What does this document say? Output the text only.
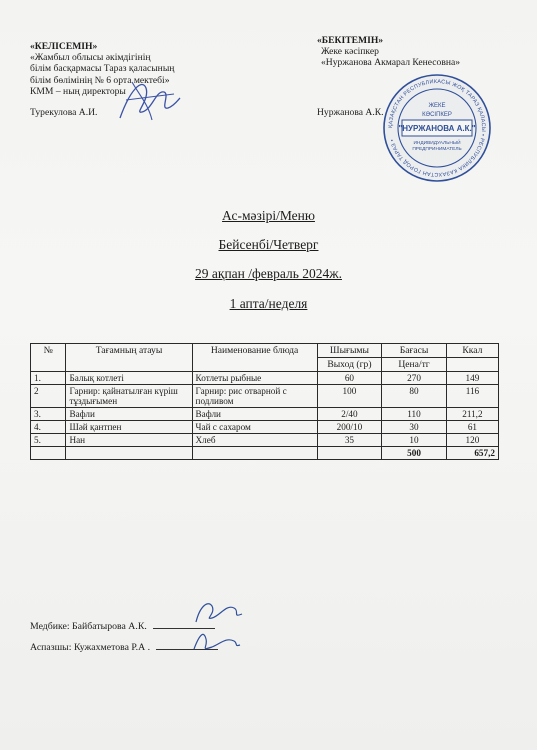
«КЕЛІСЕМІН»
«Жамбыл облысы әкімдігінің
білім басқармасы Тараз қаласының
білім бөлімінің № 6 орта мектебі»
КММ – ның директоры
Турекулова А.И.
«БЕКІТЕМІН»
Жеке кәсіпкер
«Нуржанова Акмарал Кенесовна»
Нуржанова А.К.
ҚАЗАҚСТАН РЕСПУБЛИКАСЫ ЖОҚ ТАРАЗ ҚАЛАСЫ • РЕСПУБЛИКА КАЗАХСТАН ГОРОД ТАРАЗ •
ЖЕКЕ
КӘСІПКЕР
"НУРЖАНОВА А.К."
ИНДИВИДУАЛЬНЫЙ
ПРЕДПРИНИМАТЕЛЬ
Ас-мәзірі/Меню
Бейсенбі/Четверг
29 ақпан /февраль 2024ж.
1 апта/неделя
№	Тағамның атауы	Наименование блюда	Шығымы	Бағасы	Ккал
			Выход (гр)	Цена/тг	
1.	Балық котлеті	Котлеты рыбные	60	270	149
2	Гарнир: қайнатылған күріш тұздығымен	Гарнир: рис отварной с подливом	100	80	116
3.	Вафли	Вафли	2/40	110	211,2
4.	Шәй қантпен	Чай с сахаром	200/10	30	61
5.	Нан	Хлеб	35	10	120
				500	657,2
Медбике: Байбатырова А.К.
Аспазшы: Кужахметова Р.А .
